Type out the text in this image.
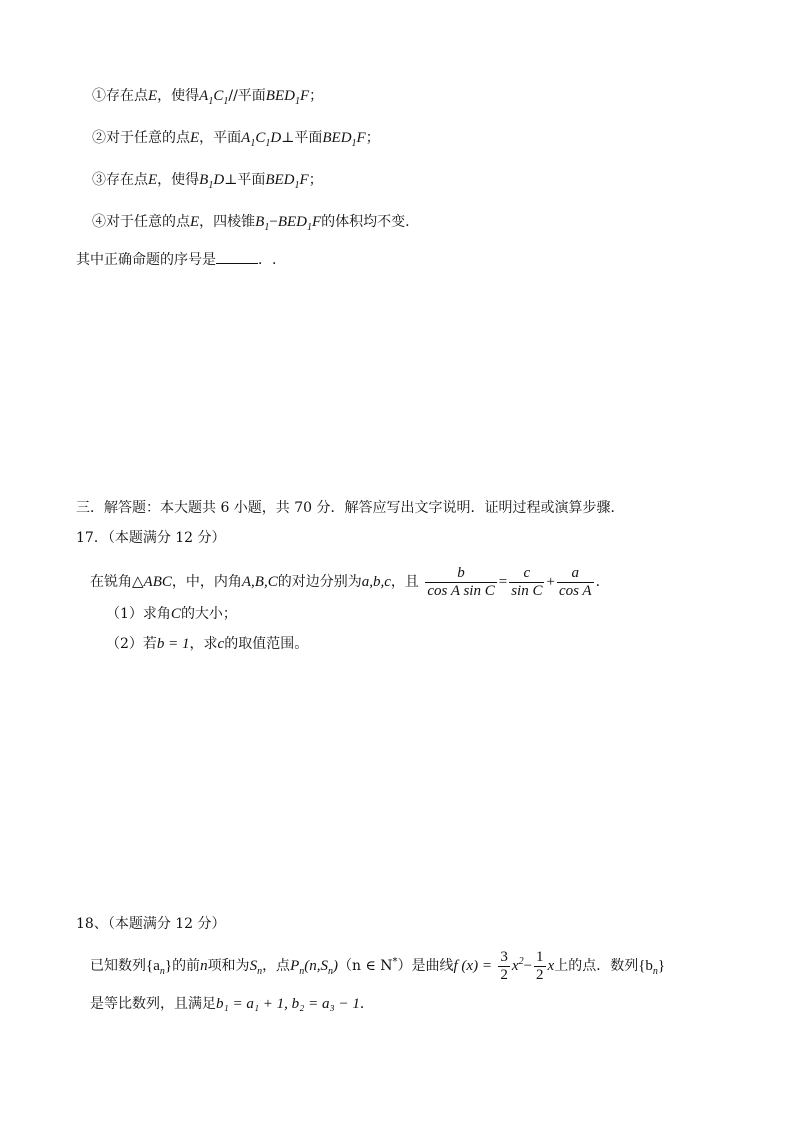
①存在点E，使得$A_1C_1//$平面$BED_1F$；
②对于任意的点E，平面$A_1C_1D\perp$平面$BED_1F$；
③存在点E，使得$B_1D\perp$平面$BED_1F$；
④对于任意的点E，四棱锥$B_1-BED_1F$的体积均不变.
其中正确命题的序号是	．.
三．解答题：本大题共 6 小题，共 70 分．解答应写出文字说明．证明过程或演算步骤．
17．（本题满分 12 分）
在锐角△ABC，中，内角A,B,C的对边分别为a,b,c，且 $\frac{b}{\text{cos A sin C}} = \frac{c}{\text{sin C}} + \frac{a}{\text{cos A}}$ .
（1）求角C的大小；
（2）若b = 1，求c的取值范围。
18、（本题满分 12 分）
已知数列$\{a_n\}$的前n项和为$S_n$，点$P_n(n,S_n)(n$ ∈ N*）是曲线f $(x) = \frac{3}{2} x^2- \frac{1}{2}$ x上的点．数列$\{b_n\}$
是等比数列，且满足b₁ = a₁ + 1, b₂ = a₃ − 1．
